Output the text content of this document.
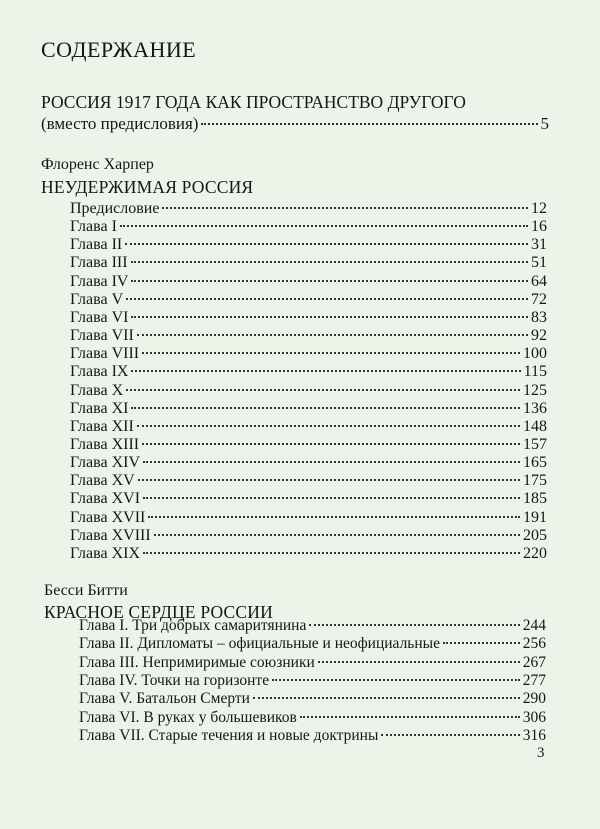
СОДЕРЖАНИЕ
РОССИЯ 1917 ГОДА КАК ПРОСТРАНСТВО ДРУГОГО
(вместо предисловия)	5
Флоренс Харпер
НЕУДЕРЖИМАЯ РОССИЯ
Предисловие	12
Глава I	16
Глава II	31
Глава III	51
Глава IV	64
Глава V	72
Глава VI	83
Глава VII	92
Глава VIII	100
Глава IX	115
Глава X	125
Глава XI	136
Глава XII	148
Глава XIII	157
Глава XIV	165
Глава XV	175
Глава XVI	185
Глава XVII	191
Глава XVIII	205
Глава XIX	220
Бесси Битти
КРАСНОЕ СЕРДЦЕ РОССИИ
Глава I. Три добрых самаритянина	244
Глава II. Дипломаты – официальные и неофициальные	256
Глава III. Непримиримые союзники	267
Глава IV. Точки на горизонте	277
Глава V. Батальон Смерти	290
Глава VI. В руках у большевиков	306
Глава VII. Старые течения и новые доктрины	316
3
